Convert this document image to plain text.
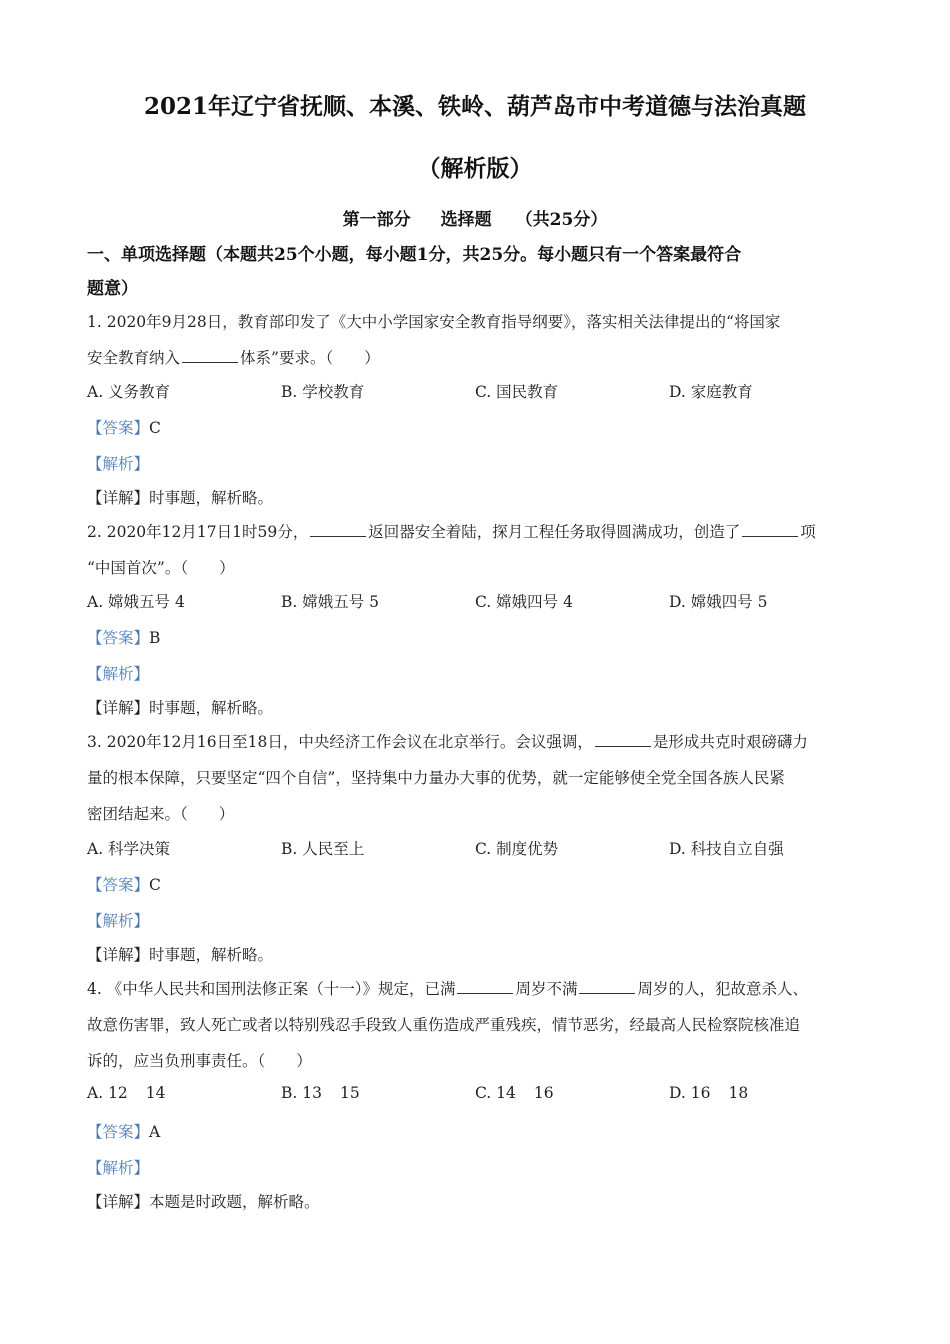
2021年辽宁省抚顺、本溪、铁岭、葫芦岛市中考道德与法治真题
（解析版）
第一部分 选择题 （共25分）
一、单项选择题（本题共25个小题，每小题1分，共25分。每小题只有一个答案最符合
题意）
1. 2020年9月28日，教育部印发了《大中小学国家安全教育指导纲要》，落实相关法律提出的“将国家
安全教育纳入	体系”要求。（　　）
A. 义务教育	B. 学校教育	C. 国民教育	D. 家庭教育
【答案】C
【解析】
【详解】时事题，解析略。
2. 2020年12月17日1时59分，	返回器安全着陆，探月工程任务取得圆满成功，创造了	项
“中国首次”。（　　）
A. 嫦娥五号 4	B. 嫦娥五号 5	C. 嫦娥四号 4	D. 嫦娥四号 5
【答案】B
【解析】
【详解】时事题，解析略。
3. 2020年12月16日至18日，中央经济工作会议在北京举行。会议强调，	是形成共克时艰磅礴力
量的根本保障，只要坚定“四个自信”，坚持集中力量办大事的优势，就一定能够使全党全国各族人民紧
密团结起来。（　　）
A. 科学决策	B. 人民至上	C. 制度优势	D. 科技自立自强
【答案】C
【解析】
【详解】时事题，解析略。
4. 《中华人民共和国刑法修正案（十一）》规定，已满	周岁不满	周岁的人，犯故意杀人、
故意伤害罪，致人死亡或者以特别残忍手段致人重伤造成严重残疾，情节恶劣，经最高人民检察院核准追
诉的，应当负刑事责任。（　　）
A. 12 14	B. 13 15	C. 14 16	D. 16 18
【答案】A
【解析】
【详解】本题是时政题，解析略。
